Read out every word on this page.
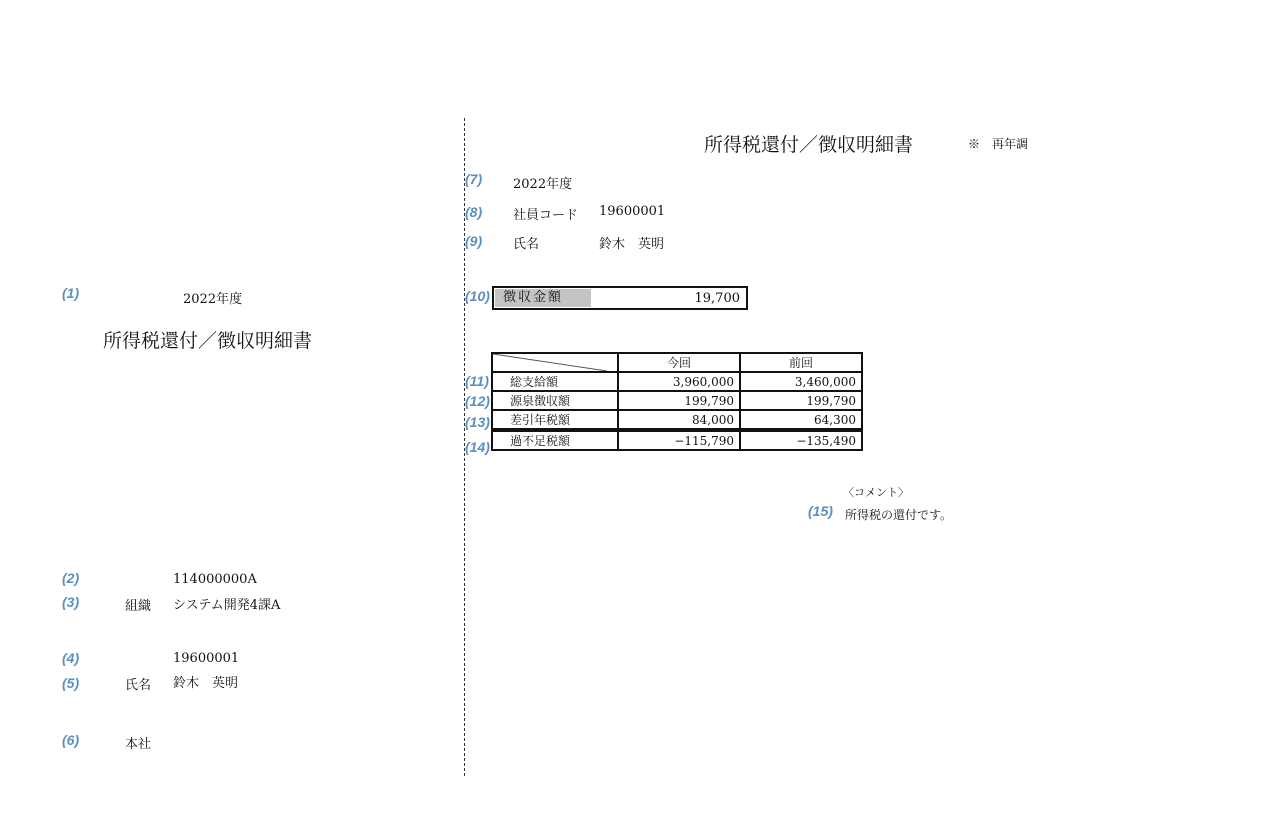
(1)
(2)
(3)
(4)
(5)
(6)
(7)
(8)
(9)
(10)
(11)
(12)
(13)
(14)
(15)
2022年度
所得税還付／徴収明細書
114000000A
組織 システム開発4課A
19600001
氏名 鈴木　英明
本社
所得税還付／徴収明細書	※　再年調
2022年度
社員コード 19600001
氏名	鈴木　英明
徴収金額	19,700
	今回	前回
総支給額	3,960,000	3,460,000
源泉徴収額	199,790	199,790
差引年税額	84,000	64,300
過不足税額	−115,790	−135,490
〈コメント〉
所得税の還付です。
